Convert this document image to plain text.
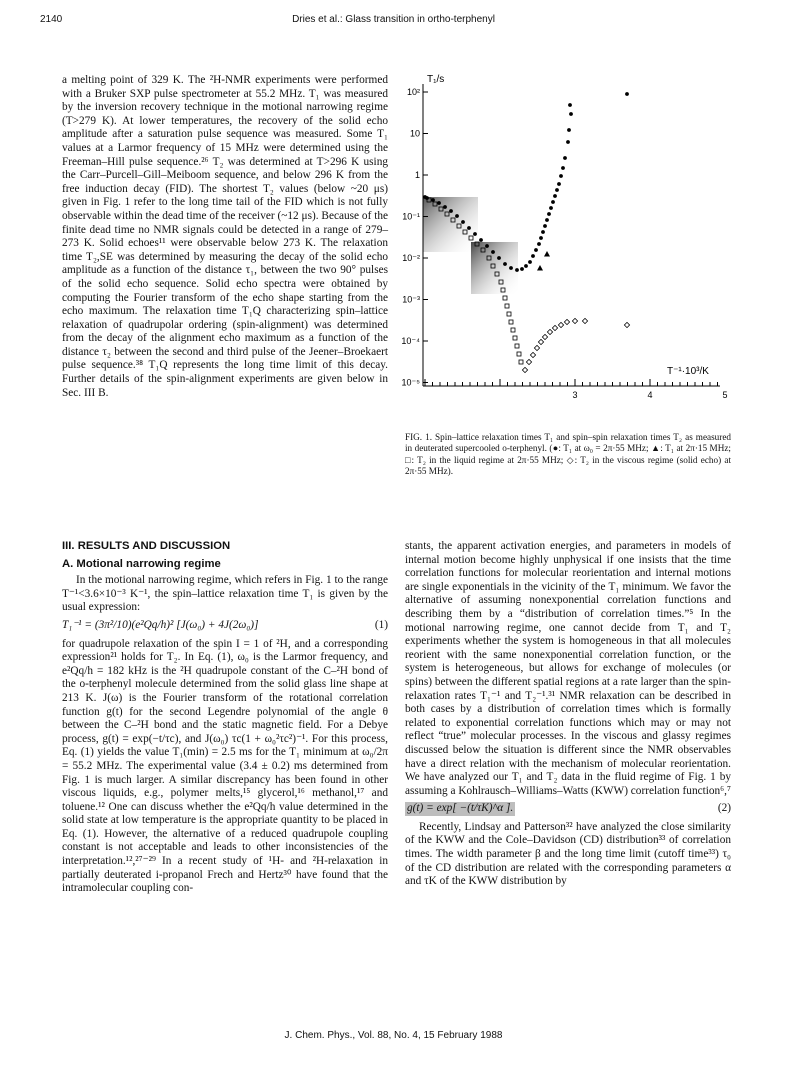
2140	Dries et al.: Glass transition in ortho-terphenyl

a melting point of 329 K. The ²H-NMR experiments were performed with a Bruker SXP pulse spectrometer at 55.2 MHz. T₁ was measured by the inversion recovery technique in the motional narrowing regime (T>279 K). At lower temperatures, the recovery of the solid echo amplitude after a saturation pulse sequence was measured. Some T₁ values at a Larmor frequency of 15 MHz were determined using the Freeman–Hill pulse sequence.²⁶ T₂ was determined at T>296 K using the Carr–Purcell–Gill–Meiboom sequence, and below 296 K from the free induction decay (FID). The shortest T₂ values (below ~20 μs) given in Fig. 1 refer to the long time tail of the FID which is not fully observable within the dead time of the receiver (~12 μs). Because of the finite dead time no NMR signals could be detected in a range of 279–273 K. Solid echoes¹¹ were observable below 273 K. The relaxation time T₂,SE was determined by measuring the decay of the solid echo amplitude as a function of the distance τ₁, between the two 90° pulses of the solid echo sequence. Solid echo spectra were obtained by computing the Fourier transform of the echo shape starting from the echo maximum. The relaxation time T₁Q characterizing spin–lattice relaxation of quadrupolar ordering (spin-alignment) was determined from the decay of the alignment echo maximum as a function of the distance τ₂ between the second and third pulse of the Jeener–Broekaert pulse sequence.³⁸ T₁Q represents the long time limit of this decay. Further details of the spin-alignment experiments are given below in Sec. III B.

10²
10
1
10⁻¹
10⁻²
10⁻³
10⁻⁴
10⁻⁵
3	4	5
T₁/s
T⁻¹·10³/K
FIG. 1. Spin–lattice relaxation times T₁ and spin–spin relaxation times T₂ as measured in deuterated supercooled o-terphenyl. (●: T₁ at ω₀ = 2π·55 MHz; ▲: T₁ at 2π·15 MHz; □: T₂ in the liquid regime at 2π·55 MHz; ◇: T₂ in the viscous regime (solid echo) at 2π·55 MHz).
III. RESULTS AND DISCUSSION
A. Motional narrowing regime

In the motional narrowing regime, which refers in Fig. 1 to the range T⁻¹<3.6×10⁻³ K⁻¹, the spin–lattice relaxation time T₁ is given by the usual expression:

T₁⁻¹ = (3π²/10)(e²Qq/h)² [J(ω₀) + 4J(2ω₀)]	(1)

for quadrupole relaxation of the spin I = 1 of ²H, and a corresponding expression²¹ holds for T₂. In Eq. (1), ω₀ is the Larmor frequency, and e²Qq/h = 182 kHz is the ²H quadrupole constant of the C–²H bond of the o-terphenyl molecule determined from the solid glass line shape at 213 K. J(ω) is the Fourier transform of the rotational correlation function g(t) for the second Legendre polynomial of the angle θ between the C–²H bond and the static magnetic field. For a Debye process, g(t) = exp(−t/τc), and J(ω₀) τc(1 + ω₀²τc²)⁻¹. For this process, Eq. (1) yields the value T₁(min) = 2.5 ms for the T₁ minimum at ω₀/2π = 55.2 MHz. The experimental value (3.4 ± 0.2) ms determined from Fig. 1 is much larger. A similar discrepancy has been found in other viscous liquids, e.g., polymer melts,¹⁵ glycerol,¹⁶ methanol,¹⁷ and toluene.¹² One can discuss whether the e²Qq/h value determined in the solid state at low temperature is the appropriate quantity to be placed in Eq. (1). However, the alternative of a reduced quadrupole coupling constant is not acceptable and leads to other inconsistencies of the interpretation.¹²,²⁷⁻²⁹ In a recent study of ¹H- and ²H-relaxation in partially deuterated i-propanol Frech and Hertz³⁰ have found that the intramolecular coupling con-

stants, the apparent activation energies, and parameters in models of internal motion become highly unphysical if one insists that the time correlation functions for molecular reorientation and internal motions are single exponentials in the vicinity of the T₁ minimum. We favor the alternative of assuming nonexponential correlation functions and describing them by a “distribution of correlation times.”⁵ In the motional narrowing regime, one cannot decide from T₁ and T₂ experiments whether the system is homogeneous in that all molecules reorient with the same nonexponential correlation function, or the system is heterogeneous, but allows for exchange of molecules (or spins) between the different spatial regions at a rate larger than the spin-relaxation rates T₁⁻¹ and T₂⁻¹.³¹ NMR relaxation can be described in both cases by a distribution of correlation times which is formally related to exponential correlation functions which may or may not reflect “true” molecular processes. In the viscous and glassy regimes discussed below the situation is different since the NMR observables have a direct relation with the mechanism of molecular reorientation. We have analyzed our T₁ and T₂ data in the fluid regime of Fig. 1 by assuming a Kohlrausch–Williams–Watts (KWW) correlation function⁶,⁷

g(t) = exp[ −(t/τK)^α ].	(2)

Recently, Lindsay and Patterson³² have analyzed the close similarity of the KWW and the Cole–Davidson (CD) distribution³³ of correlation times. The width parameter β and the long time limit (cutoff time³³) τ₀ of the CD distribution are related with the corresponding parameters α and τK of the KWW distribution by

J. Chem. Phys., Vol. 88, No. 4, 15 February 1988
